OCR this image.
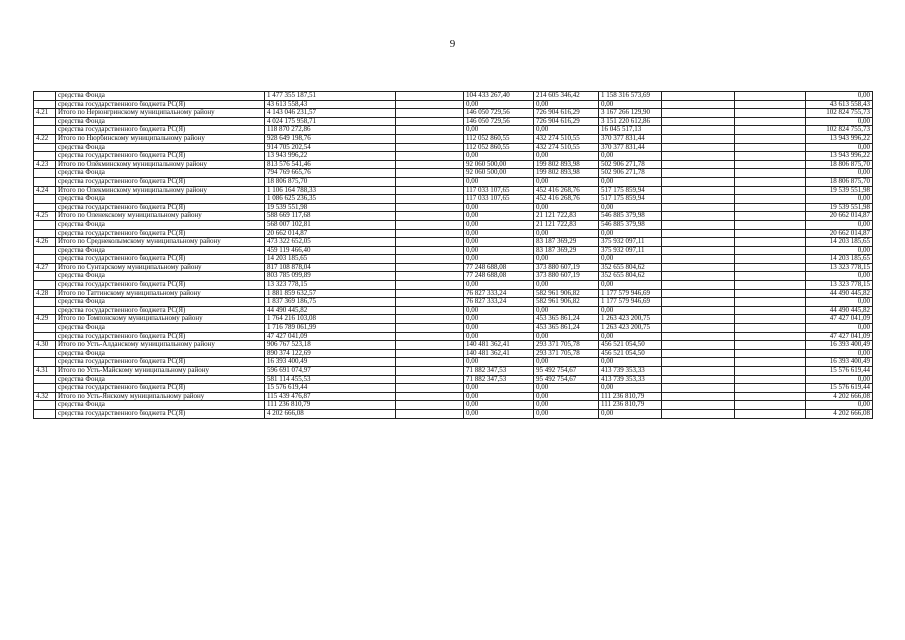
9
	средства Фонда	1 477 355 187,51		104 433 267,40	214 605 346,42	1 158 316 573,69			0,00
	средства государственного бюджета РС(Я)	43 613 558,43		0,00	0,00	0,00			43 613 558,43
4.21	Итого по Нерюнгринскому муниципальному району	4 143 046 231,57		146 050 729,56	726 904 616,29	3 167 266 129,90			102 824 755,73
	средства Фонда	4 024 175 958,71		146 050 729,56	726 904 616,29	3 151 220 612,86			0,00
	средства государственного бюджета РС(Я)	118 870 272,86		0,00	0,00	16 045 517,13			102 824 755,73
4.22	Итого по Нюрбинскому муниципальному району	928 649 198,76		112 052 860,55	432 274 510,55	370 377 831,44			13 943 996,22
	средства Фонда	914 705 202,54		112 052 860,55	432 274 510,55	370 377 831,44			0,00
	средства государственного бюджета РС(Я)	13 943 996,22		0,00	0,00	0,00			13 943 996,22
4.23	Итого по Олёкминскому муниципальному району	813 576 541,46		92 060 500,00	199 802 893,98	502 906 271,78			18 806 875,70
	средства Фонда	794 769 665,76		92 060 500,00	199 802 893,98	502 906 271,78			0,00
	средства государственного бюджета РС(Я)	18 806 875,70		0,00	0,00	0,00			18 806 875,70
4.24	Итого по Олекминскому муниципальному району	1 106 164 788,33		117 033 107,65	452 416 268,76	517 175 859,94			19 539 551,98
	средства Фонда	1 086 625 236,35		117 033 107,65	452 416 268,76	517 175 859,94			0,00
	средства государственного бюджета РС(Я)	19 539 551,98		0,00	0,00	0,00			19 539 551,98
4.25	Итого по Оленекскому муниципальному району	588 669 117,68		0,00	21 121 722,83	546 885 379,98			20 662 014,87
	средства Фонда	568 007 102,81		0,00	21 121 722,83	546 885 379,98			0,00
	средства государственного бюджета РС(Я)	20 662 014,87		0,00	0,00	0,00			20 662 014,87
4.26	Итого по Среднеколымскому муниципальному району	473 322 652,05		0,00	83 187 369,29	375 932 097,11			14 203 185,65
	средства Фонда	459 119 466,40		0,00	83 187 369,29	375 932 097,11			0,00
	средства государственного бюджета РС(Я)	14 203 185,65		0,00	0,00	0,00			14 203 185,65
4.27	Итого по Сунтарскому муниципальному району	817 108 878,04		77 248 688,08	373 880 607,19	352 655 804,62			13 323 778,15
	средства Фонда	803 785 099,89		77 248 688,08	373 880 607,19	352 655 804,62			0,00
	средства государственного бюджета РС(Я)	13 323 778,15		0,00	0,00	0,00			13 323 778,15
4.28	Итого по Таттинскому муниципальному району	1 881 859 632,57		76 827 333,24	582 961 906,82	1 177 579 946,69			44 490 445,82
	средства Фонда	1 837 369 186,75		76 827 333,24	582 961 906,82	1 177 579 946,69			0,00
	средства государственного бюджета РС(Я)	44 490 445,82		0,00	0,00	0,00			44 490 445,82
4.29	Итого по Томпонскому муниципальному району	1 764 216 103,08		0,00	453 365 861,24	1 263 423 200,75			47 427 041,09
	средства Фонда	1 716 789 061,99		0,00	453 365 861,24	1 263 423 200,75			0,00
	средства государственного бюджета РС(Я)	47 427 041,09		0,00	0,00	0,00			47 427 041,09
4.30	Итого по Усть-Алданскому муниципальному району	906 767 523,18		140 481 362,41	293 371 705,78	456 521 054,50			16 393 400,49
	средства Фонда	890 374 122,69		140 481 362,41	293 371 705,78	456 521 054,50			0,00
	средства государственного бюджета РС(Я)	16 393 400,49		0,00	0,00	0,00			16 393 400,49
4.31	Итого по Усть-Майскому муниципальному району	596 691 074,97		71 882 347,53	95 492 754,67	413 739 353,33			15 576 619,44
	средства Фонда	581 114 455,53		71 882 347,53	95 492 754,67	413 739 353,33			0,00
	средства государственного бюджета РС(Я)	15 576 619,44		0,00	0,00	0,00			15 576 619,44
4.32	Итого по Усть-Янскому муниципальному району	115 439 476,87		0,00	0,00	111 236 810,79			4 202 666,08
	средства Фонда	111 236 810,79		0,00	0,00	111 236 810,79			0,00
	средства государственного бюджета РС(Я)	4 202 666,08		0,00	0,00	0,00			4 202 666,08
